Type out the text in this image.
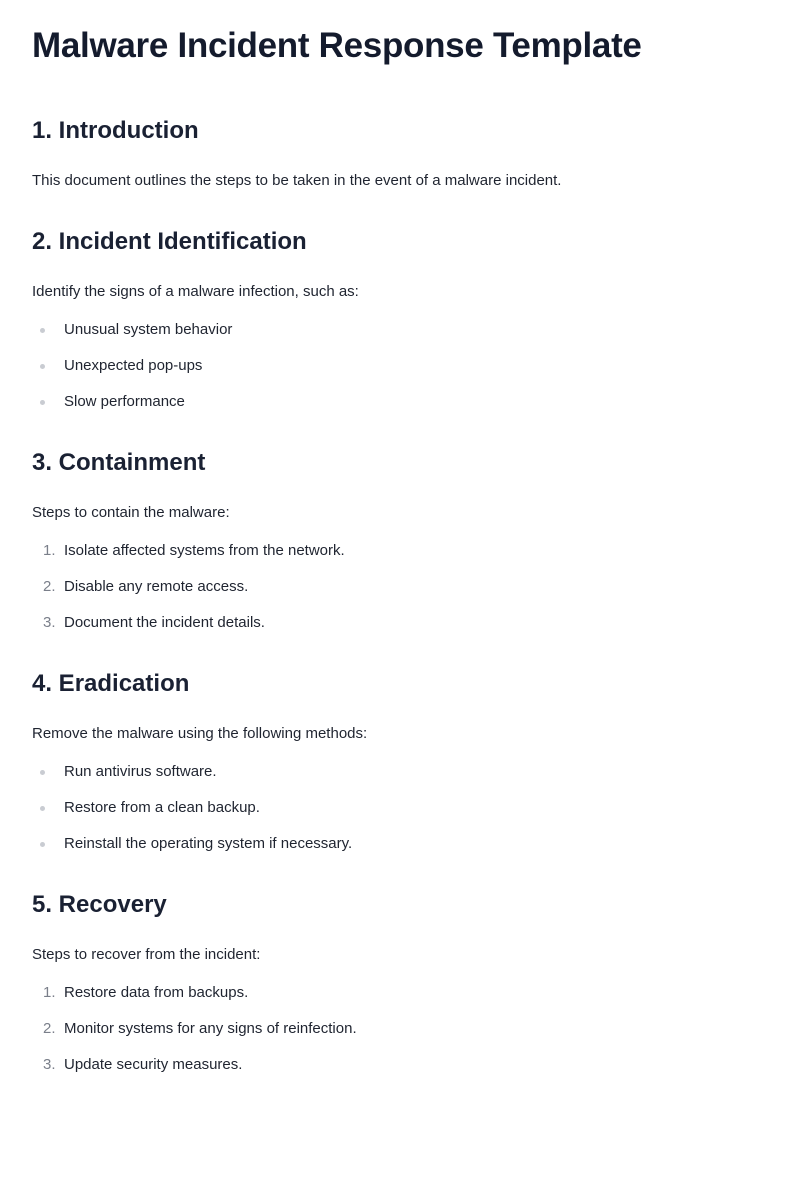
Malware Incident Response Template
1. Introduction

This document outlines the steps to be taken in the event of a malware incident.

2. Incident Identification

Identify the signs of a malware infection, such as:

Unusual system behavior
Unexpected pop-ups
Slow performance
3. Containment

Steps to contain the malware:

1. Isolate affected systems from the network.
2. Disable any remote access.
3. Document the incident details.
4. Eradication

Remove the malware using the following methods:

Run antivirus software.
Restore from a clean backup.
Reinstall the operating system if necessary.
5. Recovery

Steps to recover from the incident:

1. Restore data from backups.
2. Monitor systems for any signs of reinfection.
3. Update security measures.
